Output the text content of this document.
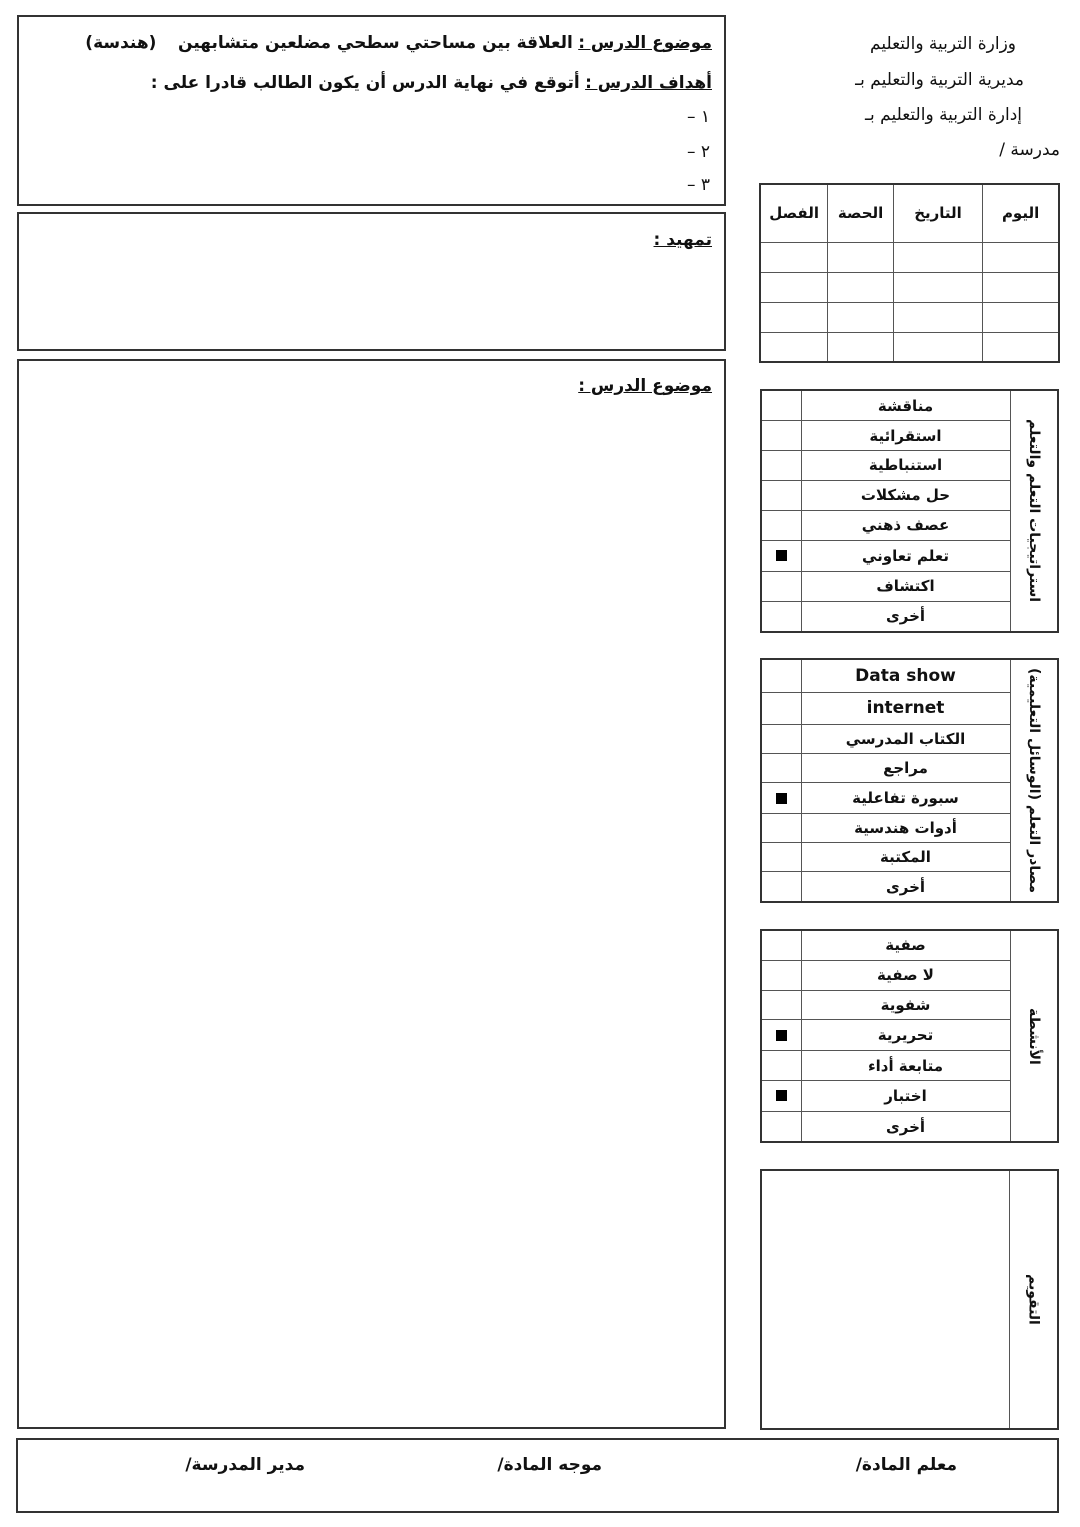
وزارة التربية والتعليم
مديرية التربية والتعليم بـ
إدارة التربية والتعليم بـ
مدرسة /
موضوع الدرس : العلاقة بين مساحتي سطحي مضلعين متشابهين    (هندسة)
أهداف الدرس : أتوقع في نهاية الدرس أن يكون الطالب قادرا على :
١ –
٢ –
٣ –
تمهيد :
موضوع الدرس :
اليوم	التاريخ	الحصة	الفصل

استراتيجيات التعلم والتعلم	مناقشة	
	استقرائية	
	استنباطية	
	حل مشكلات	
	عصف ذهني	
	تعلم تعاوني	
	اكتشاف	
	أخرى	
مصادر التعلم (الوسائل التعليمية)	Data show	
	internet	
	الكتاب المدرسي	
	مراجع	
	سبورة تفاعلية	
	أدوات هندسية	
	المكتبة	
	أخرى	
الأنشطة	صفية	
	لا صفية	
	شفوية	
	تحريرية	
	متابعة أداء	
	اختبار	
	أخرى	
التقويم
معلم المادة/
موجه المادة/
مدير المدرسة/
